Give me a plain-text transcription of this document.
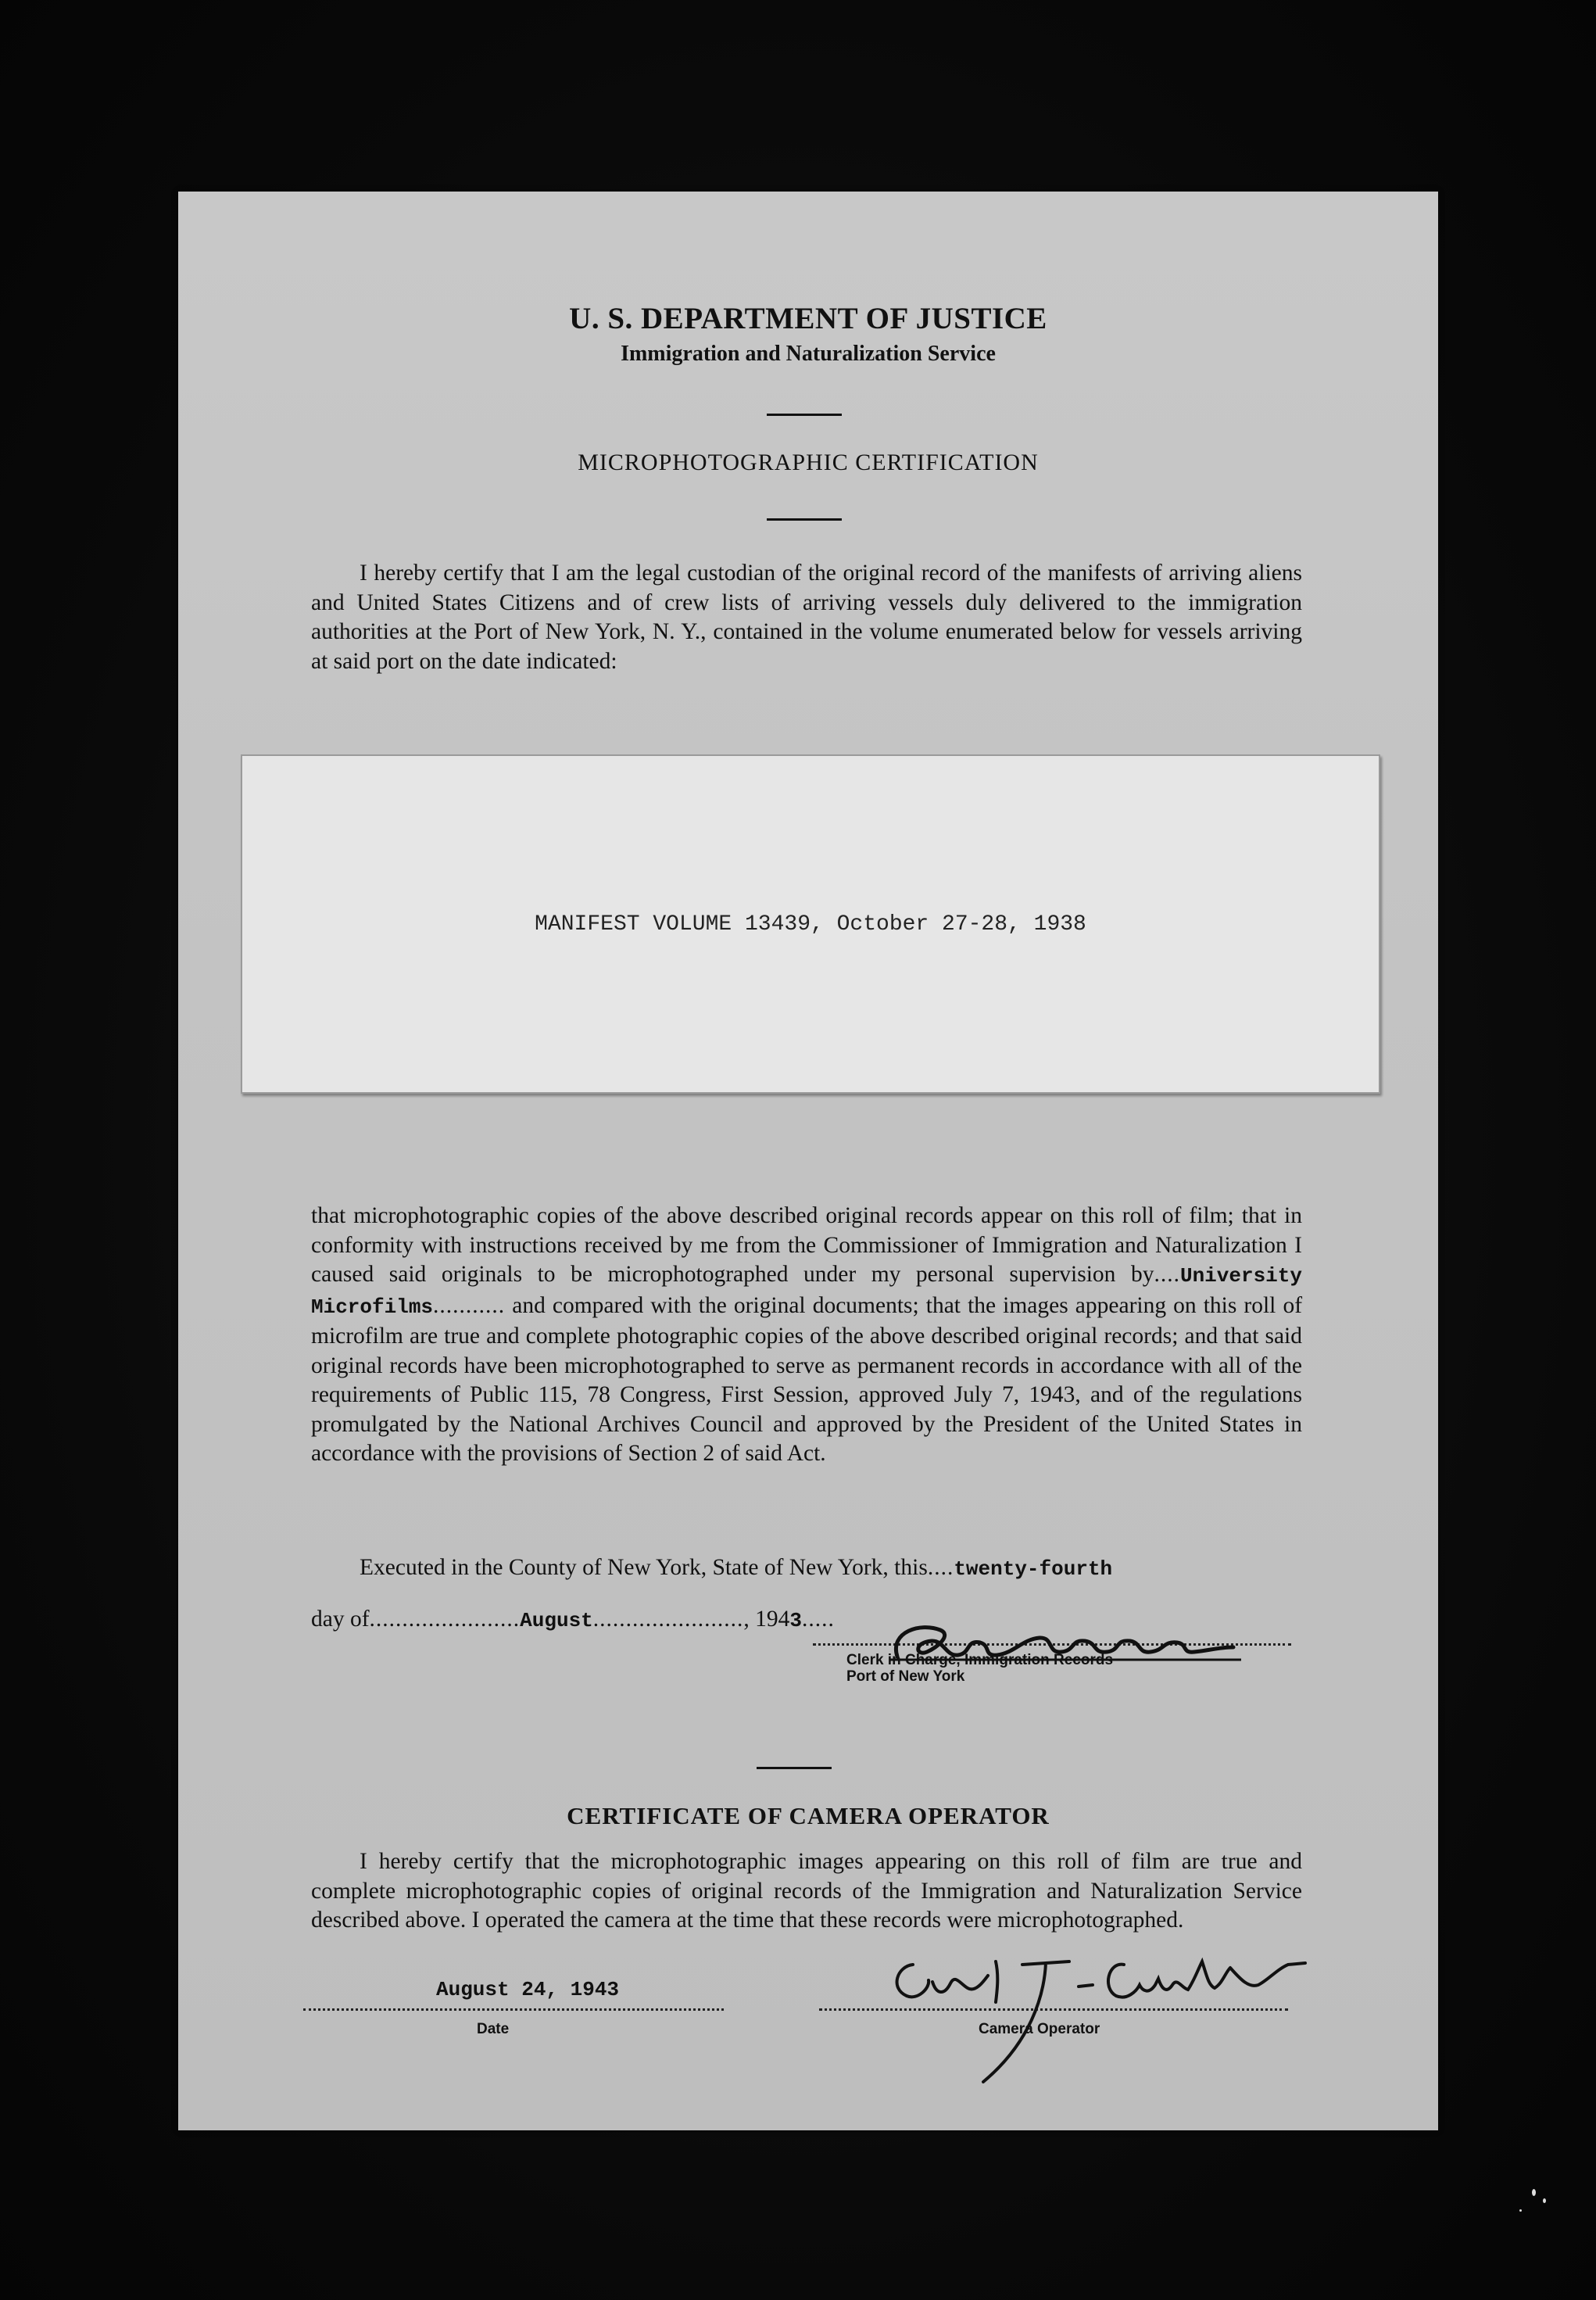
U. S. DEPARTMENT OF JUSTICE
Immigration and Naturalization Service
MICROPHOTOGRAPHIC CERTIFICATION
I hereby certify that I am the legal custodian of the original record of the manifests of arriving aliens and United States Citizens and of crew lists of arriving vessels duly delivered to the immigration authorities at the Port of New York, N. Y., contained in the volume enumerated below for vessels arriving at said port on the date indicated:
MANIFEST VOLUME 13439, October 27-28, 1938
that microphotographic copies of the above described original records appear on this roll of film; that in conformity with instructions received by me from the Commissioner of Immigration and Naturalization I caused said originals to be microphotographed under my personal supervision by....University Microfilms........... and compared with the original documents; that the images appearing on this roll of microfilm are true and complete photographic copies of the above described original records; and that said original records have been microphotographed to serve as permanent records in accordance with all of the requirements of Public 115, 78 Congress, First Session, approved July 7, 1943, and of the regulations promulgated by the National Archives Council and approved by the President of the United States in accordance with the provisions of Section 2 of said Act.
Executed in the County of New York, State of New York, this....twenty-fourth
day of.......................August......................., 1943.....
Clerk in Charge, Immigration Records
Port of New York
CERTIFICATE OF CAMERA OPERATOR
I hereby certify that the microphotographic images appearing on this roll of film are true and complete microphotographic copies of original records of the Immigration and Naturalization Service described above. I operated the camera at the time that these records were microphotographed.
August 24, 1943
Date	Camera Operator
